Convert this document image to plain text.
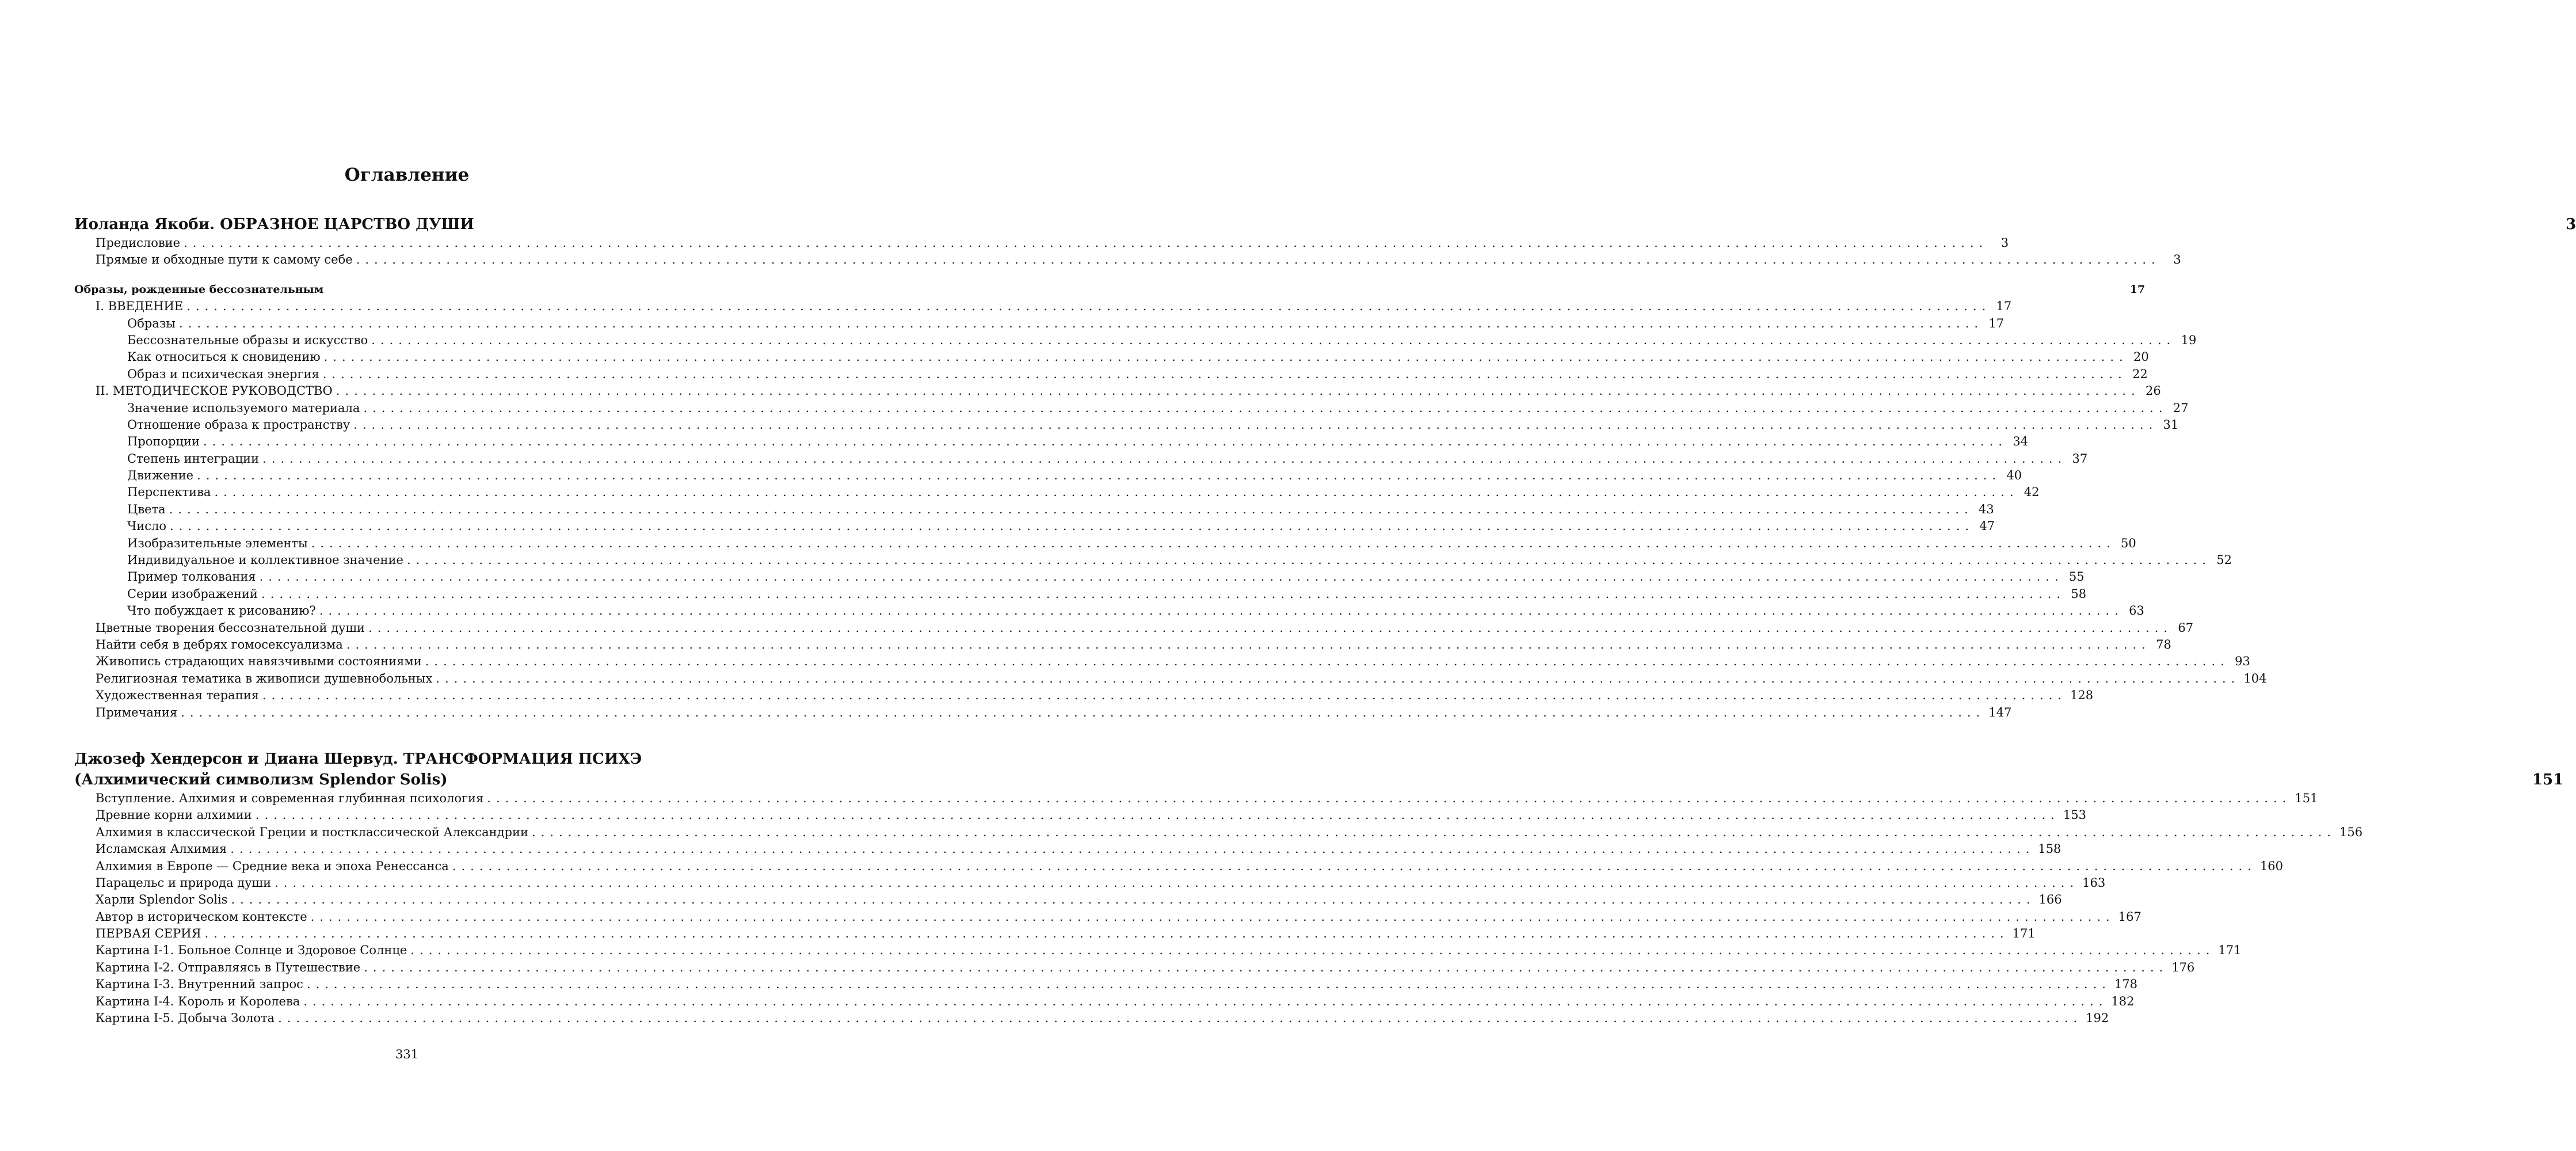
Оглавление
Иоланда Якоби. ОБРАЗНОЕ ЦАРСТВО ДУШИ	3
Предисловие ........................................................................................................................................................................................................	3
Прямые и обходные пути к самому себе ........................................................................................................................................................................................................	3
Образы, рожденные бессознательным	17
I. ВВЕДЕНИЕ ........................................................................................................................................................................................................ 17
Образы ........................................................................................................................................................................................................ 17
Бессознательные образы и искусство ........................................................................................................................................................................................................ 19
Как относиться к сновидению ........................................................................................................................................................................................................ 20
Образ и психическая энергия ........................................................................................................................................................................................................ 22
II. МЕТОДИЧЕСКОЕ РУКОВОДСТВО ........................................................................................................................................................................................................ 26
Значение используемого материала ........................................................................................................................................................................................................ 27
Отношение образа к пространству ........................................................................................................................................................................................................ 31
Пропорции ........................................................................................................................................................................................................ 34
Степень интеграции ........................................................................................................................................................................................................ 37
Движение ........................................................................................................................................................................................................ 40
Перспектива ........................................................................................................................................................................................................ 42
Цвета ........................................................................................................................................................................................................ 43
Число ........................................................................................................................................................................................................ 47
Изобразительные элементы ........................................................................................................................................................................................................ 50
Индивидуальное и коллективное значение ........................................................................................................................................................................................................ 52
Пример толкования ........................................................................................................................................................................................................ 55
Серии изображений ........................................................................................................................................................................................................ 58
Что побуждает к рисованию? ........................................................................................................................................................................................................ 63
Цветные творения бессознательной души ........................................................................................................................................................................................................ 67
Найти себя в дебрях гомосексуализма ........................................................................................................................................................................................................ 78
Живопись страдающих навязчивыми состояниями ........................................................................................................................................................................................................ 93
Религиозная тематика в живописи душевнобольных ........................................................................................................................................................................................................ 104
Художественная терапия ........................................................................................................................................................................................................ 128
Примечания ........................................................................................................................................................................................................ 147
Джозеф Хендерсон и Диана Шервуд. ТРАНСФОРМАЦИЯ ПСИХЭ
(Алхимический символизм Splendor Solis)	151
Вступление. Алхимия и современная глубинная психология ........................................................................................................................................................................................................ 151
Древние корни алхимии ........................................................................................................................................................................................................ 153
Алхимия в классической Греции и постклассической Александрии ........................................................................................................................................................................................................ 156
Исламская Алхимия ........................................................................................................................................................................................................ 158
Алхимия в Европе — Средние века и эпоха Ренессанса ........................................................................................................................................................................................................ 160
Парацельс и природа души ........................................................................................................................................................................................................ 163
Харли Splendor Solis ........................................................................................................................................................................................................ 166
Автор в историческом контексте ........................................................................................................................................................................................................ 167
ПЕРВАЯ СЕРИЯ ........................................................................................................................................................................................................ 171
Картина I-1. Больное Солнце и Здоровое Солнце ........................................................................................................................................................................................................ 171
Картина I-2. Отправляясь в Путешествие ........................................................................................................................................................................................................ 176
Картина I-3. Внутренний запрос ........................................................................................................................................................................................................ 178
Картина I-4. Король и Королева ........................................................................................................................................................................................................ 182
Картина I-5. Добыча Золота ........................................................................................................................................................................................................ 192
331
